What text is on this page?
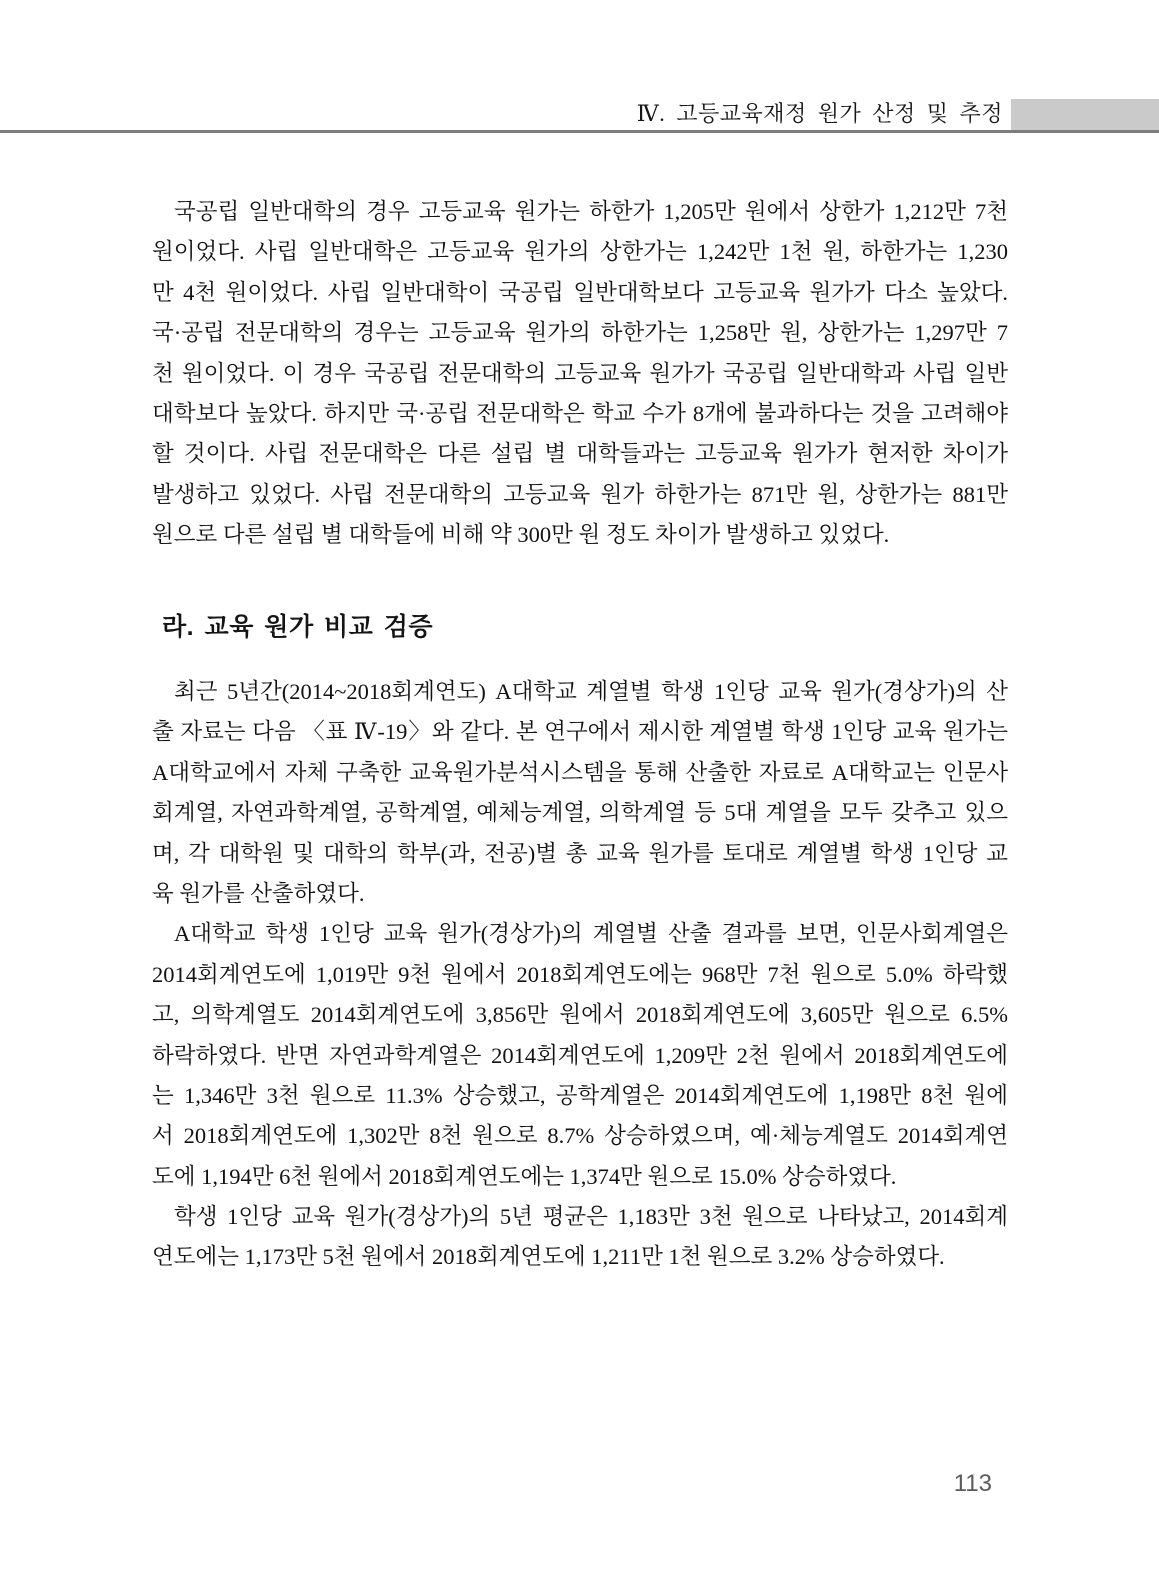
Ⅳ. 고등교육재정 원가 산정 및 추정
국공립 일반대학의 경우 고등교육 원가는 하한가 1,205만 원에서 상한가 1,212만 7천
원이었다. 사립 일반대학은 고등교육 원가의 상한가는 1,242만 1천 원, 하한가는 1,230
만 4천 원이었다. 사립 일반대학이 국공립 일반대학보다 고등교육 원가가 다소 높았다.
국·공립 전문대학의 경우는 고등교육 원가의 하한가는 1,258만 원, 상한가는 1,297만 7
천 원이었다. 이 경우 국공립 전문대학의 고등교육 원가가 국공립 일반대학과 사립 일반
대학보다 높았다. 하지만 국·공립 전문대학은 학교 수가 8개에 불과하다는 것을 고려해야
할 것이다. 사립 전문대학은 다른 설립 별 대학들과는 고등교육 원가가 현저한 차이가
발생하고 있었다. 사립 전문대학의 고등교육 원가 하한가는 871만 원, 상한가는 881만
원으로 다른 설립 별 대학들에 비해 약 300만 원 정도 차이가 발생하고 있었다.
라. 교육 원가 비교 검증
최근 5년간(2014~2018회계연도) A대학교 계열별 학생 1인당 교육 원가(경상가)의 산
출 자료는 다음 〈표 Ⅳ-19〉와 같다. 본 연구에서 제시한 계열별 학생 1인당 교육 원가는
A대학교에서 자체 구축한 교육원가분석시스템을 통해 산출한 자료로 A대학교는 인문사
회계열, 자연과학계열, 공학계열, 예체능계열, 의학계열 등 5대 계열을 모두 갖추고 있으
며, 각 대학원 및 대학의 학부(과, 전공)별 총 교육 원가를 토대로 계열별 학생 1인당 교
육 원가를 산출하였다.
A대학교 학생 1인당 교육 원가(경상가)의 계열별 산출 결과를 보면, 인문사회계열은
2014회계연도에 1,019만 9천 원에서 2018회계연도에는 968만 7천 원으로 5.0% 하락했
고, 의학계열도 2014회계연도에 3,856만 원에서 2018회계연도에 3,605만 원으로 6.5%
하락하였다. 반면 자연과학계열은 2014회계연도에 1,209만 2천 원에서 2018회계연도에
는 1,346만 3천 원으로 11.3% 상승했고, 공학계열은 2014회계연도에 1,198만 8천 원에
서 2018회계연도에 1,302만 8천 원으로 8.7% 상승하였으며, 예·체능계열도 2014회계연
도에 1,194만 6천 원에서 2018회계연도에는 1,374만 원으로 15.0% 상승하였다.
학생 1인당 교육 원가(경상가)의 5년 평균은 1,183만 3천 원으로 나타났고, 2014회계
연도에는 1,173만 5천 원에서 2018회계연도에 1,211만 1천 원으로 3.2% 상승하였다.
113
